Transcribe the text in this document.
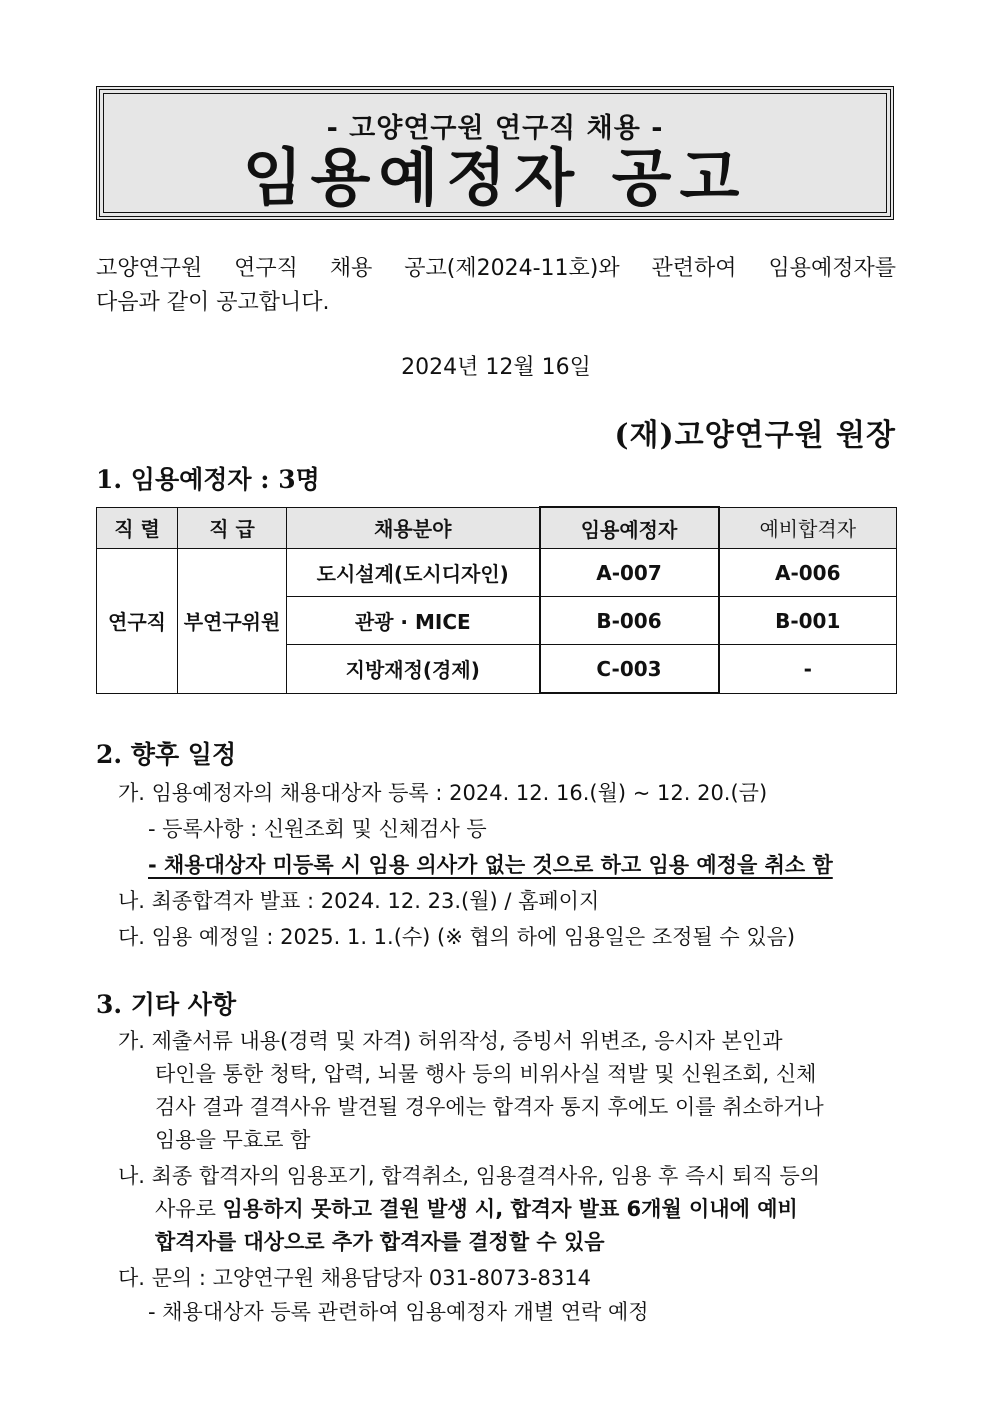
- 고양연구원 연구직 채용 -
임용예정자 공고
고양연구원 연구직 채용 공고(제2024-11호)와 관련하여 임용예정자를
다음과 같이 공고합니다.
2024년 12월 16일
(재)고양연구원 원장
1. 임용예정자 : 3명
직 렬	직 급	채용분야	임용예정자	예비합격자
연구직	부연구위원	도시설계(도시디자인)	A-007	A-006
		관광 · MICE	B-006	B-001
		지방재정(경제)	C-003	-
2. 향후 일정
가. 임용예정자의 채용대상자 등록 : 2024. 12. 16.(월) ~ 12. 20.(금)
- 등록사항 : 신원조회 및 신체검사 등
- 채용대상자 미등록 시 임용 의사가 없는 것으로 하고 임용 예정을 취소 함
나. 최종합격자 발표 : 2024. 12. 23.(월) / 홈페이지
다. 임용 예정일 : 2025. 1. 1.(수) (※ 협의 하에 임용일은 조정될 수 있음)
3. 기타 사항
가. 제출서류 내용(경력 및 자격) 허위작성, 증빙서 위변조, 응시자 본인과
타인을 통한 청탁, 압력, 뇌물 행사 등의 비위사실 적발 및 신원조회, 신체
검사 결과 결격사유 발견될 경우에는 합격자 통지 후에도 이를 취소하거나
임용을 무효로 함
나. 최종 합격자의 임용포기, 합격취소, 임용결격사유, 임용 후 즉시 퇴직 등의
사유로 임용하지 못하고 결원 발생 시, 합격자 발표 6개월 이내에 예비
합격자를 대상으로 추가 합격자를 결정할 수 있음
다. 문의 : 고양연구원 채용담당자 031-8073-8314
- 채용대상자 등록 관련하여 임용예정자 개별 연락 예정
